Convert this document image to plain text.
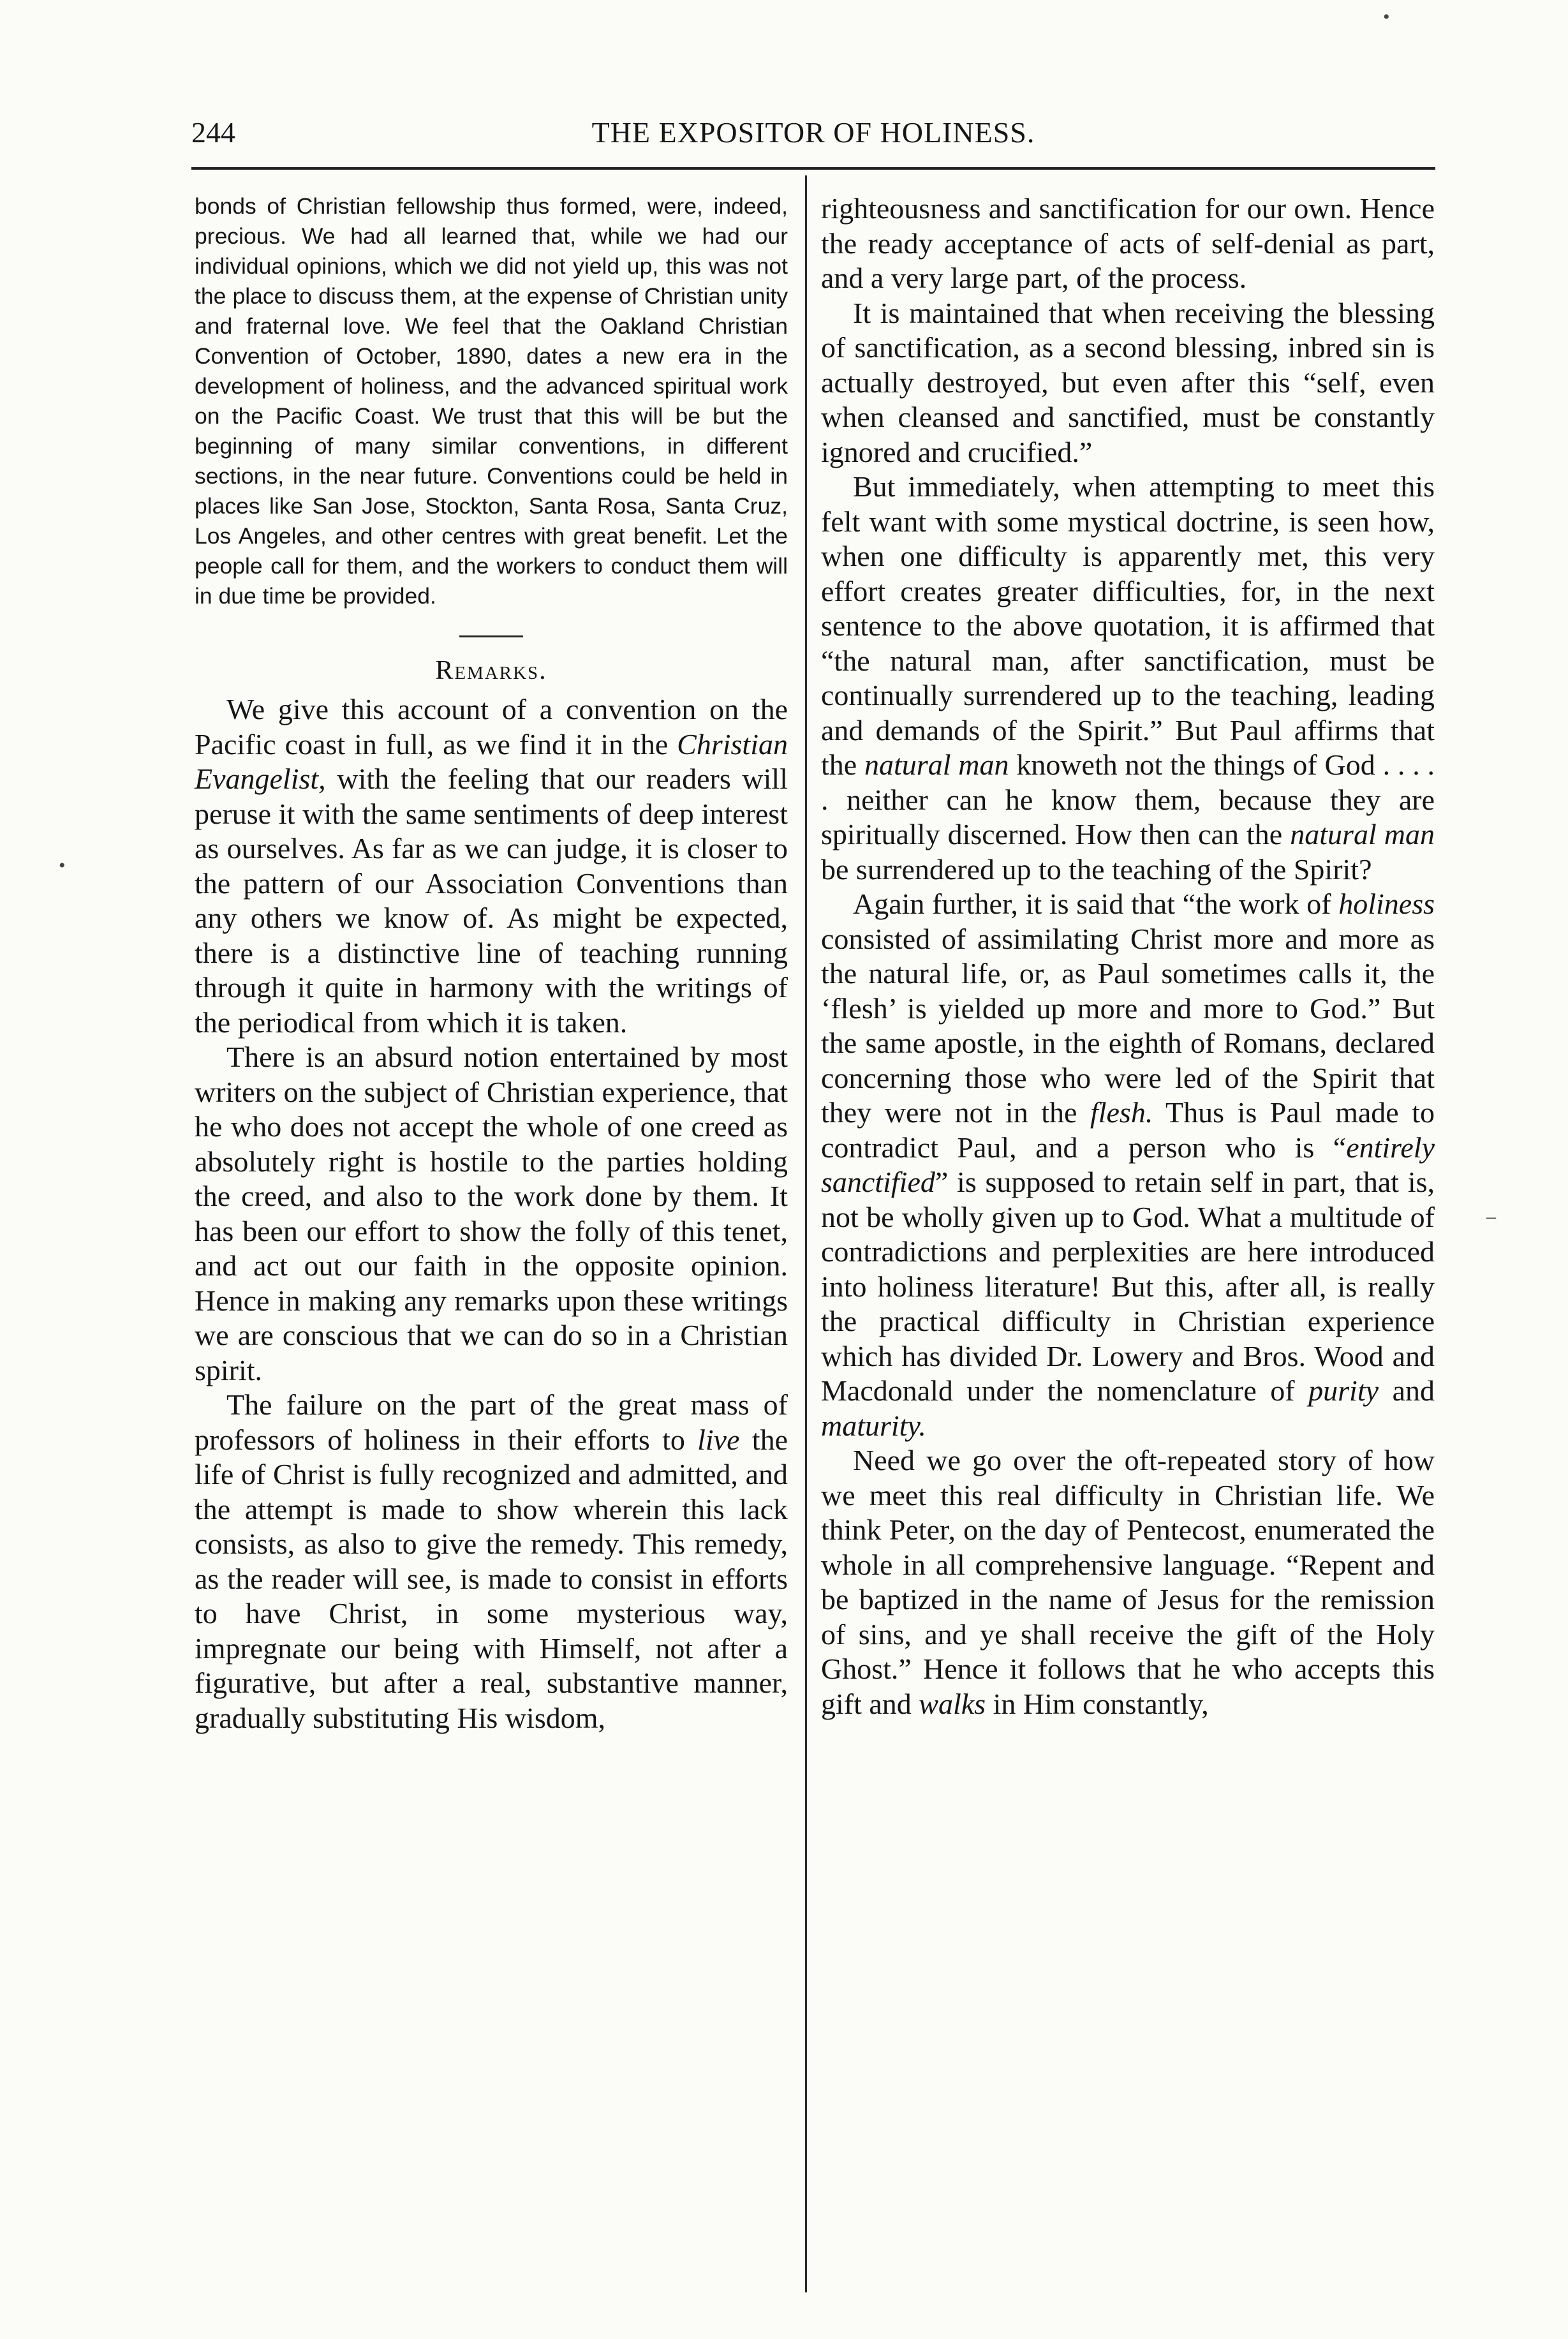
244	THE EXPOSITOR OF HOLINESS.

bonds of Christian fellowship thus formed, were, indeed, precious. We had all learned that, while we had our individual opinions, which we did not yield up, this was not the place to discuss them, at the expense of Christian unity and fraternal love. We feel that the Oakland Christian Convention of October, 1890, dates a new era in the development of holiness, and the advanced spiritual work on the Pacific Coast. We trust that this will be but the beginning of many similar conventions, in different sections, in the near future. Conventions could be held in places like San Jose, Stockton, Santa Rosa, Santa Cruz, Los Angeles, and other centres with great benefit. Let the people call for them, and the workers to conduct them will in due time be provided.

Remarks.

We give this account of a convention on the Pacific coast in full, as we find it in the Christian Evangelist, with the feeling that our readers will peruse it with the same sentiments of deep interest as ourselves. As far as we can judge, it is closer to the pattern of our Association Conventions than any others we know of. As might be expected, there is a distinctive line of teaching running through it quite in harmony with the writings of the periodical from which it is taken.

There is an absurd notion entertained by most writers on the subject of Christian experience, that he who does not accept the whole of one creed as absolutely right is hostile to the parties holding the creed, and also to the work done by them. It has been our effort to show the folly of this tenet, and act out our faith in the opposite opinion. Hence in making any remarks upon these writings we are conscious that we can do so in a Christian spirit.

The failure on the part of the great mass of professors of holiness in their efforts to live the life of Christ is fully recognized and admitted, and the attempt is made to show wherein this lack consists, as also to give the remedy. This remedy, as the reader will see, is made to consist in efforts to have Christ, in some mysterious way, impregnate our being with Himself, not after a figurative, but after a real, substantive manner, gradually substituting His wisdom,

righteousness and sanctification for our own. Hence the ready acceptance of acts of self-denial as part, and a very large part, of the process.

It is maintained that when receiving the blessing of sanctification, as a second blessing, inbred sin is actually destroyed, but even after this “self, even when cleansed and sanctified, must be constantly ignored and crucified.”

But immediately, when attempting to meet this felt want with some mystical doctrine, is seen how, when one difficulty is apparently met, this very effort creates greater difficulties, for, in the next sentence to the above quotation, it is affirmed that “the natural man, after sanctification, must be continually surrendered up to the teaching, leading and demands of the Spirit.” But Paul affirms that the natural man knoweth not the things of God . . . . . neither can he know them, because they are spiritually discerned. How then can the natural man be surrendered up to the teaching of the Spirit?

Again further, it is said that “the work of holiness consisted of assimilating Christ more and more as the natural life, or, as Paul sometimes calls it, the ‘flesh’ is yielded up more and more to God.” But the same apostle, in the eighth of Romans, declared concerning those who were led of the Spirit that they were not in the flesh. Thus is Paul made to contradict Paul, and a person who is “entirely sanctified” is supposed to retain self in part, that is, not be wholly given up to God. What a multitude of contradictions and perplexities are here introduced into holiness literature! But this, after all, is really the practical difficulty in Christian experience which has divided Dr. Lowery and Bros. Wood and Macdonald under the nomenclature of purity and maturity.

Need we go over the oft-repeated story of how we meet this real difficulty in Christian life. We think Peter, on the day of Pentecost, enumerated the whole in all comprehensive language. “Repent and be baptized in the name of Jesus for the remission of sins, and ye shall receive the gift of the Holy Ghost.” Hence it follows that he who accepts this gift and walks in Him constantly,

•
•
–
